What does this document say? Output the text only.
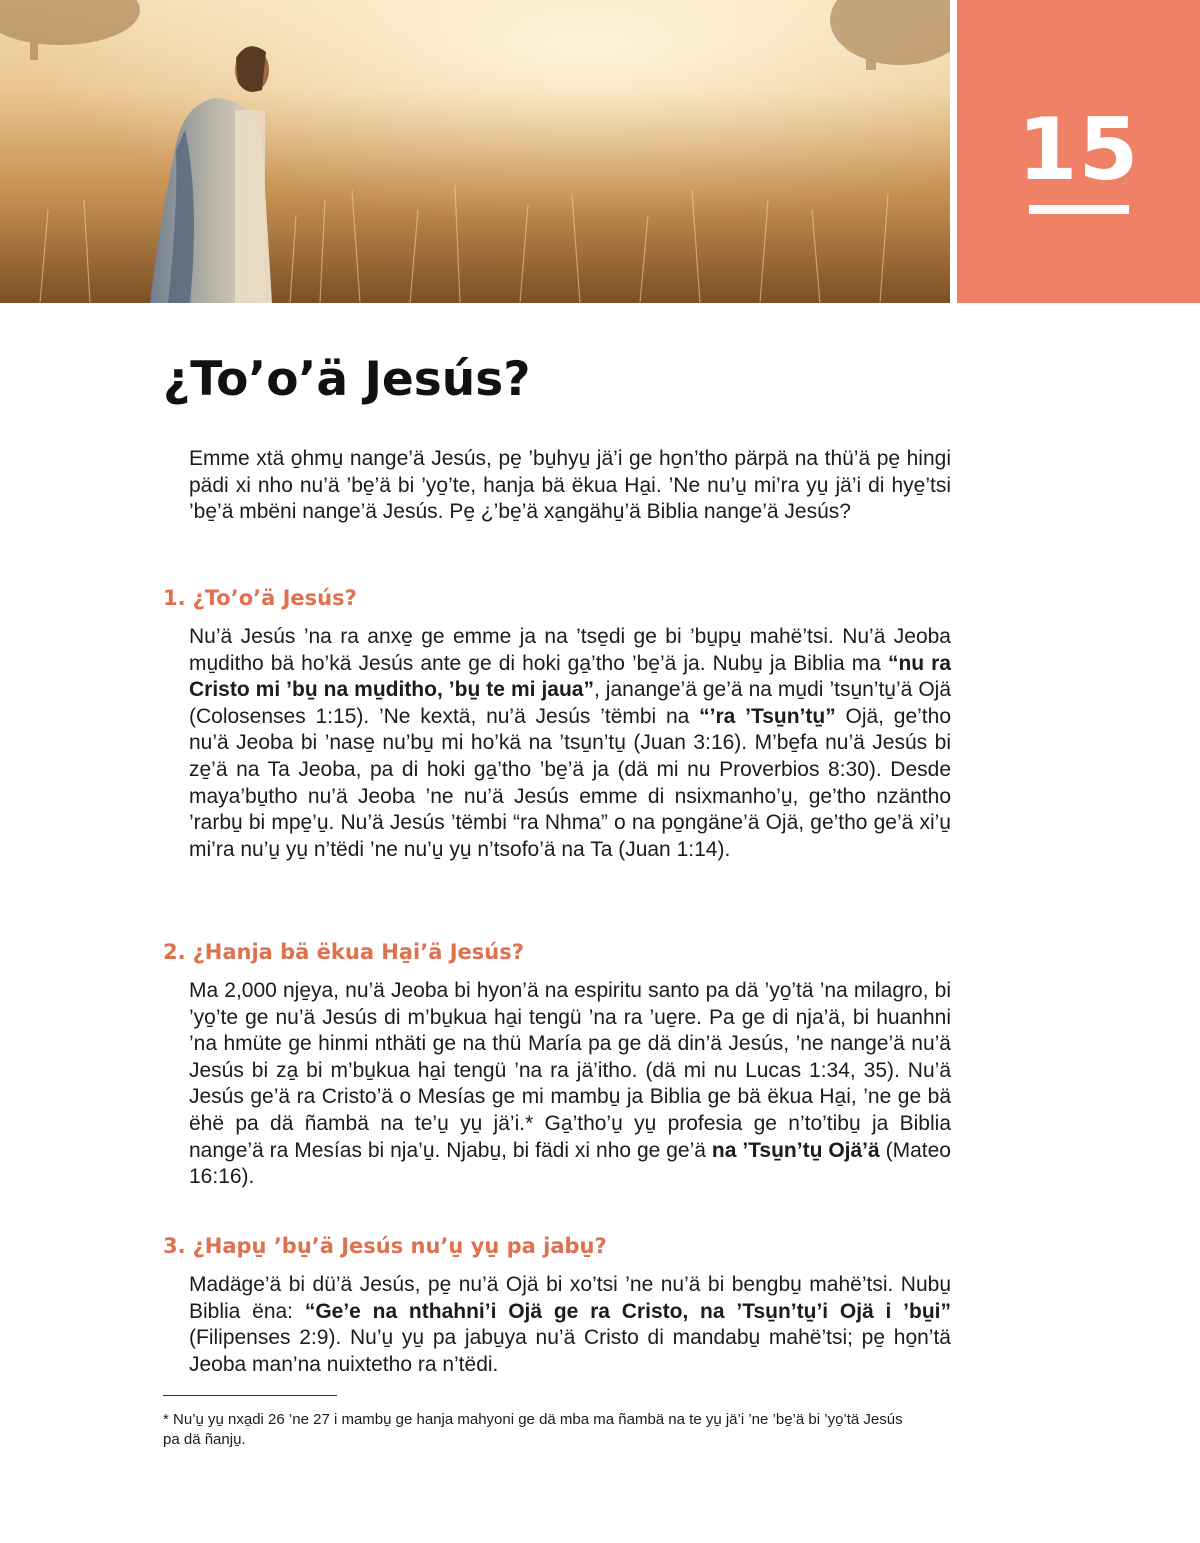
15
¿To’o’ä Jesús?

Emme xtä o̱hmu̱ nange’ä Jesús, pe̱ ’bu̱hyu̱ jä’i ge ho̱n’tho pärpä na thü’ä pe̱ hingi pädi xi nho nu’ä ’be̱’ä bi ’yo̱’te, hanja bä ëkua Ha̱i. ’Ne nu’u̱ mi’ra yu̱ jä’i di hye̱’tsi ’be̱’ä mbëni nange’ä Jesús. Pe̱ ¿’be̱’ä xa̱ngähu̱’ä Biblia nange’ä Jesús?

1. ¿To’o’ä Jesús?

Nu’ä Jesús ’na ra anxe̱ ge emme ja na ’tse̱di ge bi ’bu̱pu̱ mahë’tsi. Nu’ä Jeoba mu̱ditho bä ho’kä Jesús ante ge di hoki ga̱’tho ’be̱’ä ja. Nubu̱ ja Biblia ma “nu ra Cristo mi ’bu̱ na mu̱ditho, ’bu̱ te mi jaua”, janange’ä ge’ä na mu̱di ’tsu̱n’tu̱’ä Ojä (Colosenses 1:15). ’Ne kextä, nu’ä Jesús ’tëmbi na “’ra ’Tsu̱n’tu̱” Ojä, ge’tho nu’ä Jeoba bi ’nase̱ nu’bu̱ mi ho’kä na ’tsu̱n’tu̱ (Juan 3:16). M’be̱fa nu’ä Jesús bi ze̱’ä na Ta Jeoba, pa di hoki ga̱’tho ’be̱’ä ja (dä mi nu Proverbios 8:30). Desde maya’bu̱tho nu’ä Jeoba ’ne nu’ä Jesús emme di nsixmanho’u̱, ge’tho nzäntho ’rarbu̱ bi mpe̱’u̱. Nu’ä Jesús ’tëmbi “ra Nhma” o na po̱ngäne’ä Ojä, ge’tho ge’ä xi’u̱ mi’ra nu’u̱ yu̱ n’tëdi ’ne nu’u̱ yu̱ n’tsofo’ä na Ta (Juan 1:14).

2. ¿Hanja bä ëkua Ha̱i’ä Jesús?

Ma 2,000 nje̱ya, nu’ä Jeoba bi hyon’ä na espiritu santo pa dä ’yo̱’tä ’na milagro, bi ’yo̱’te ge nu’ä Jesús di m’bu̱kua ha̱i tengü ’na ra ’ue̱re. Pa ge di nja’ä, bi huanhni ’na hmüte ge hinmi nthäti ge na thü María pa ge dä din’ä Jesús, ’ne nange’ä nu’ä Jesús bi za̱ bi m’bu̱kua ha̱i tengü ’na ra jä’itho. (dä mi nu Lucas 1:34, 35). Nu’ä Jesús ge’ä ra Cristo’ä o Mesías ge mi mambu̱ ja Biblia ge bä ëkua Ha̱i, ’ne ge bä ëhë pa dä ñambä na te’u̱ yu̱ jä’i.* Ga̱’tho’u̱ yu̱ profesia ge n’to’tibu̱ ja Biblia nange’ä ra Mesías bi nja’u̱. Njabu̱, bi fädi xi nho ge ge’ä na ’Tsu̱n’tu̱ Ojä’ä (Mateo 16:16).

3. ¿Hapu̱ ’bu̱’ä Jesús nu’u̱ yu̱ pa jabu̱?

Madäge’ä bi dü’ä Jesús, pe̱ nu’ä Ojä bi xo’tsi ’ne nu’ä bi bengbu̱ mahë’tsi. Nubu̱ Biblia ëna: “Ge’e na nthahni’i Ojä ge ra Cristo, na ’Tsu̱n’tu̱’i Ojä i ’bu̱i” (Filipenses 2:9). Nu’u̱ yu̱ pa jabu̱ya nu’ä Cristo di mandabu̱ mahë’tsi; pe̱ ho̱n’tä Jeoba man’na nuixtetho ra n’tëdi.

* Nu’u̱ yu̱ nxa̱di 26 ’ne 27 i mambu̱ ge hanja mahyoni ge dä mba ma ñambä na te yu̱ jä’i ’ne ’be̱’ä bi ’yo̱’tä Jesús pa dä ñanju̱.
